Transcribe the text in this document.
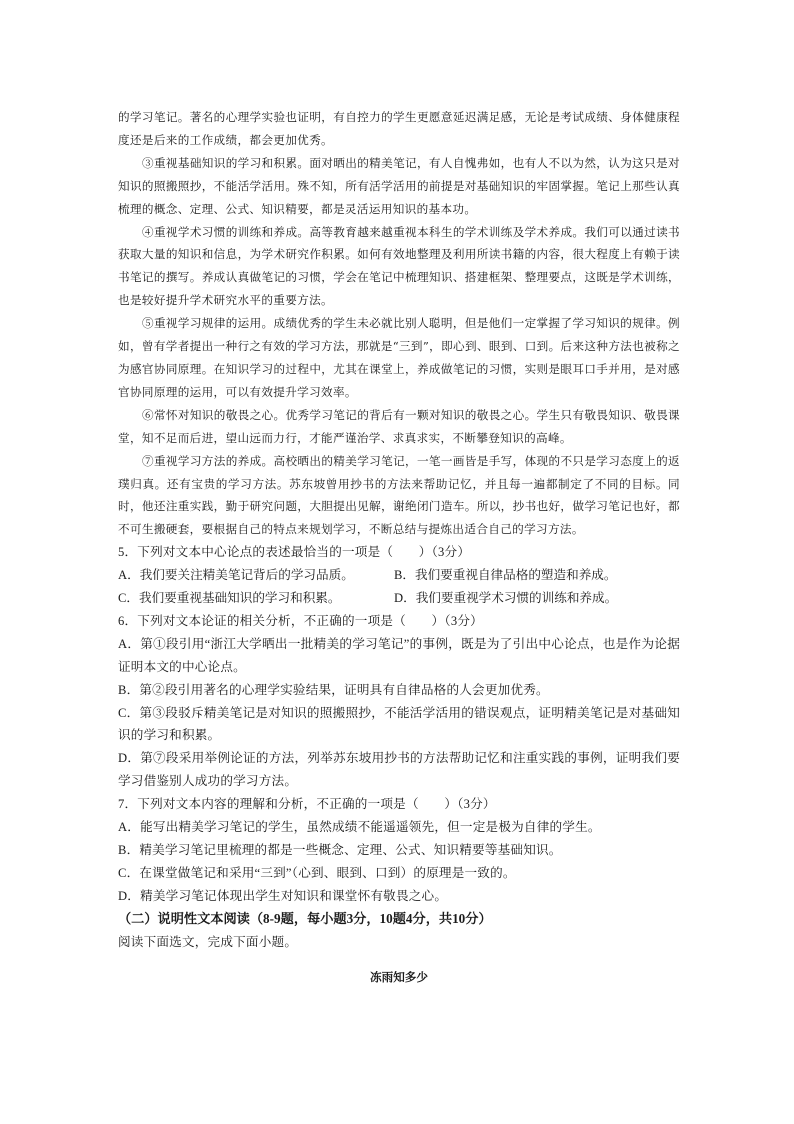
的学习笔记。著名的心理学实验也证明，有自控力的学生更愿意延迟满足感，无论是考试成绩、身体健康程度还是后来的工作成绩，都会更加优秀。

③重视基础知识的学习和积累。面对晒出的精美笔记，有人自愧弗如，也有人不以为然，认为这只是对知识的照搬照抄，不能活学活用。殊不知，所有活学活用的前提是对基础知识的牢固掌握。笔记上那些认真梳理的概念、定理、公式、知识精要，都是灵活运用知识的基本功。

④重视学术习惯的训练和养成。高等教育越来越重视本科生的学术训练及学术养成。我们可以通过读书获取大量的知识和信息，为学术研究作积累。如何有效地整理及利用所读书籍的内容，很大程度上有赖于读书笔记的撰写。养成认真做笔记的习惯，学会在笔记中梳理知识、搭建框架、整理要点，这既是学术训练，也是较好提升学术研究水平的重要方法。

⑤重视学习规律的运用。成绩优秀的学生未必就比别人聪明，但是他们一定掌握了学习知识的规律。例如，曾有学者提出一种行之有效的学习方法，那就是“三到”，即心到、眼到、口到。后来这种方法也被称之为感官协同原理。在知识学习的过程中，尤其在课堂上，养成做笔记的习惯，实则是眼耳口手并用，是对感官协同原理的运用，可以有效提升学习效率。

⑥常怀对知识的敬畏之心。优秀学习笔记的背后有一颗对知识的敬畏之心。学生只有敬畏知识、敬畏课堂，知不足而后进，望山远而力行，才能严谨治学、求真求实，不断攀登知识的高峰。

⑦重视学习方法的养成。高校晒出的精美学习笔记，一笔一画皆是手写，体现的不只是学习态度上的返璞归真。还有宝贵的学习方法。苏东坡曾用抄书的方法来帮助记忆，并且每一遍都制定了不同的目标。同时，他还注重实践，勤于研究问题，大胆提出见解，谢绝闭门造车。所以，抄书也好，做学习笔记也好，都不可生搬硬套，要根据自己的特点来规划学习，不断总结与提炼出适合自己的学习方法。

5．下列对文本中心论点的表述最恰当的一项是（　　）（3分）

A．我们要关注精美笔记背后的学习品质。	B．我们要重视自律品格的塑造和养成。
C．我们要重视基础知识的学习和积累。	D．我们要重视学术习惯的训练和养成。

6．下列对文本论证的相关分析，不正确的一项是（　　）（3分）

A．第①段引用“浙江大学晒出一批精美的学习笔记”的事例，既是为了引出中心论点，也是作为论据证明本文的中心论点。

B．第②段引用著名的心理学实验结果，证明具有自律品格的人会更加优秀。

C．第③段驳斥精美笔记是对知识的照搬照抄，不能活学活用的错误观点，证明精美笔记是对基础知识的学习和积累。

D．第⑦段采用举例论证的方法，列举苏东坡用抄书的方法帮助记忆和注重实践的事例，证明我们要学习借鉴别人成功的学习方法。

7．下列对文本内容的理解和分析，不正确的一项是（　　）（3分）

A．能写出精美学习笔记的学生，虽然成绩不能遥遥领先，但一定是极为自律的学生。

B．精美学习笔记里梳理的都是一些概念、定理、公式、知识精要等基础知识。

C．在课堂做笔记和采用“三到”（心到、眼到、口到）的原理是一致的。

D．精美学习笔记体现出学生对知识和课堂怀有敬畏之心。

（二）说明性文本阅读（8-9题，每小题3分，10题4分，共10分）

阅读下面选文，完成下面小题。

冻雨知多少
